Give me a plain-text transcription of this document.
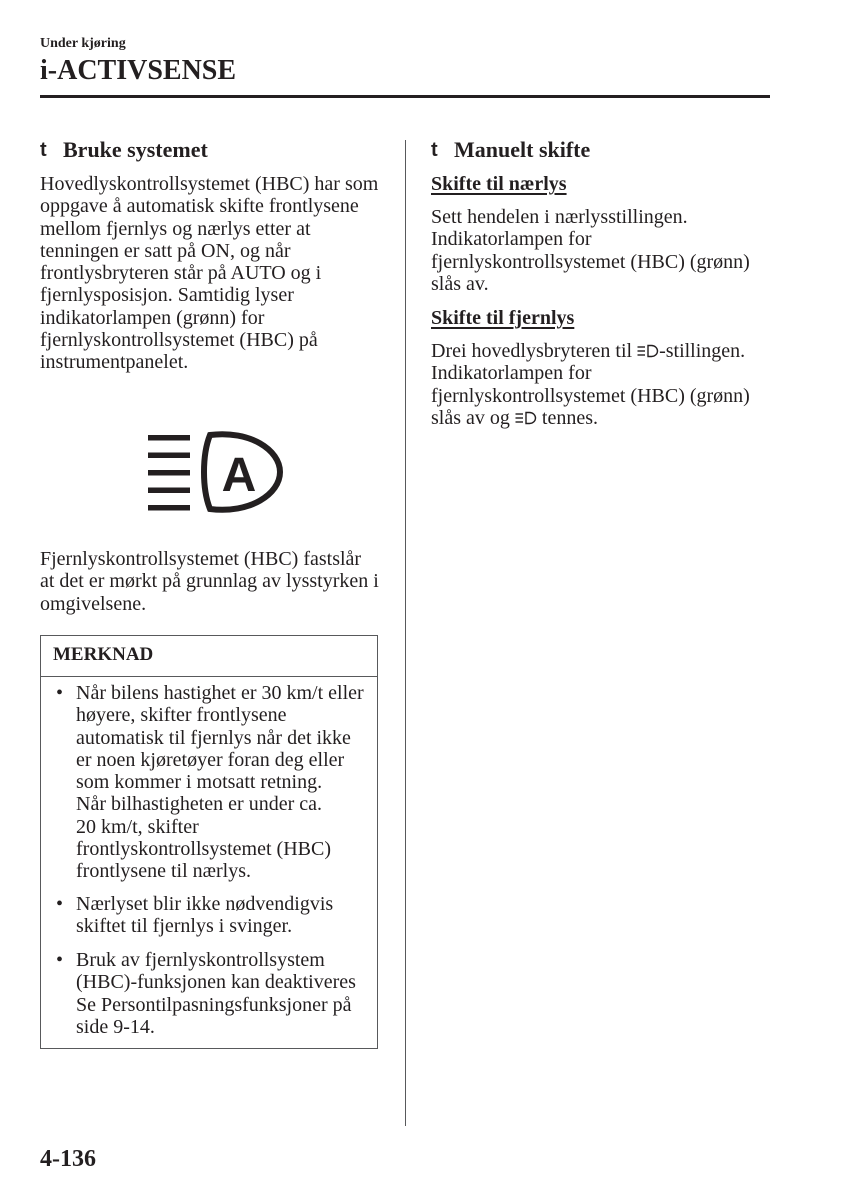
Under kjøring
i-ACTIVSENSE
t Bruke systemet
Hovedlyskontrollsystemet (HBC) har som
oppgave å automatisk skifte frontlysene
mellom fjernlys og nærlys etter at
tenningen er satt på ON, og når
frontlysbryteren står på AUTO og i
fjernlysposisjon. Samtidig lyser
indikatorlampen (grønn) for
fjernlyskontrollsystemet (HBC) på
instrumentpanelet.
A
Fjernlyskontrollsystemet (HBC) fastslår
at det er mørkt på grunnlag av lysstyrken i
omgivelsene.
MERKNAD
• Når bilens hastighet er 30 km/t eller
høyere, skifter frontlysene
automatisk til fjernlys når det ikke
er noen kjøretøyer foran deg eller
som kommer i motsatt retning.
Når bilhastigheten er under ca.
20 km/t, skifter
frontlyskontrollsystemet (HBC)
frontlysene til nærlys.
• Nærlyset blir ikke nødvendigvis
skiftet til fjernlys i svinger.
• Bruk av fjernlyskontrollsystem
(HBC)-funksjonen kan deaktiveres
Se Persontilpasningsfunksjoner på
side 9-14.
t Manuelt skifte
Skifte til nærlys
Sett hendelen i nærlysstillingen.
Indikatorlampen for
fjernlyskontrollsystemet (HBC) (grønn)
slås av.
Skifte til fjernlys
Drei hovedlysbryteren til -stillingen.
Indikatorlampen for
fjernlyskontrollsystemet (HBC) (grønn)
slås av og  tennes.
4-136
